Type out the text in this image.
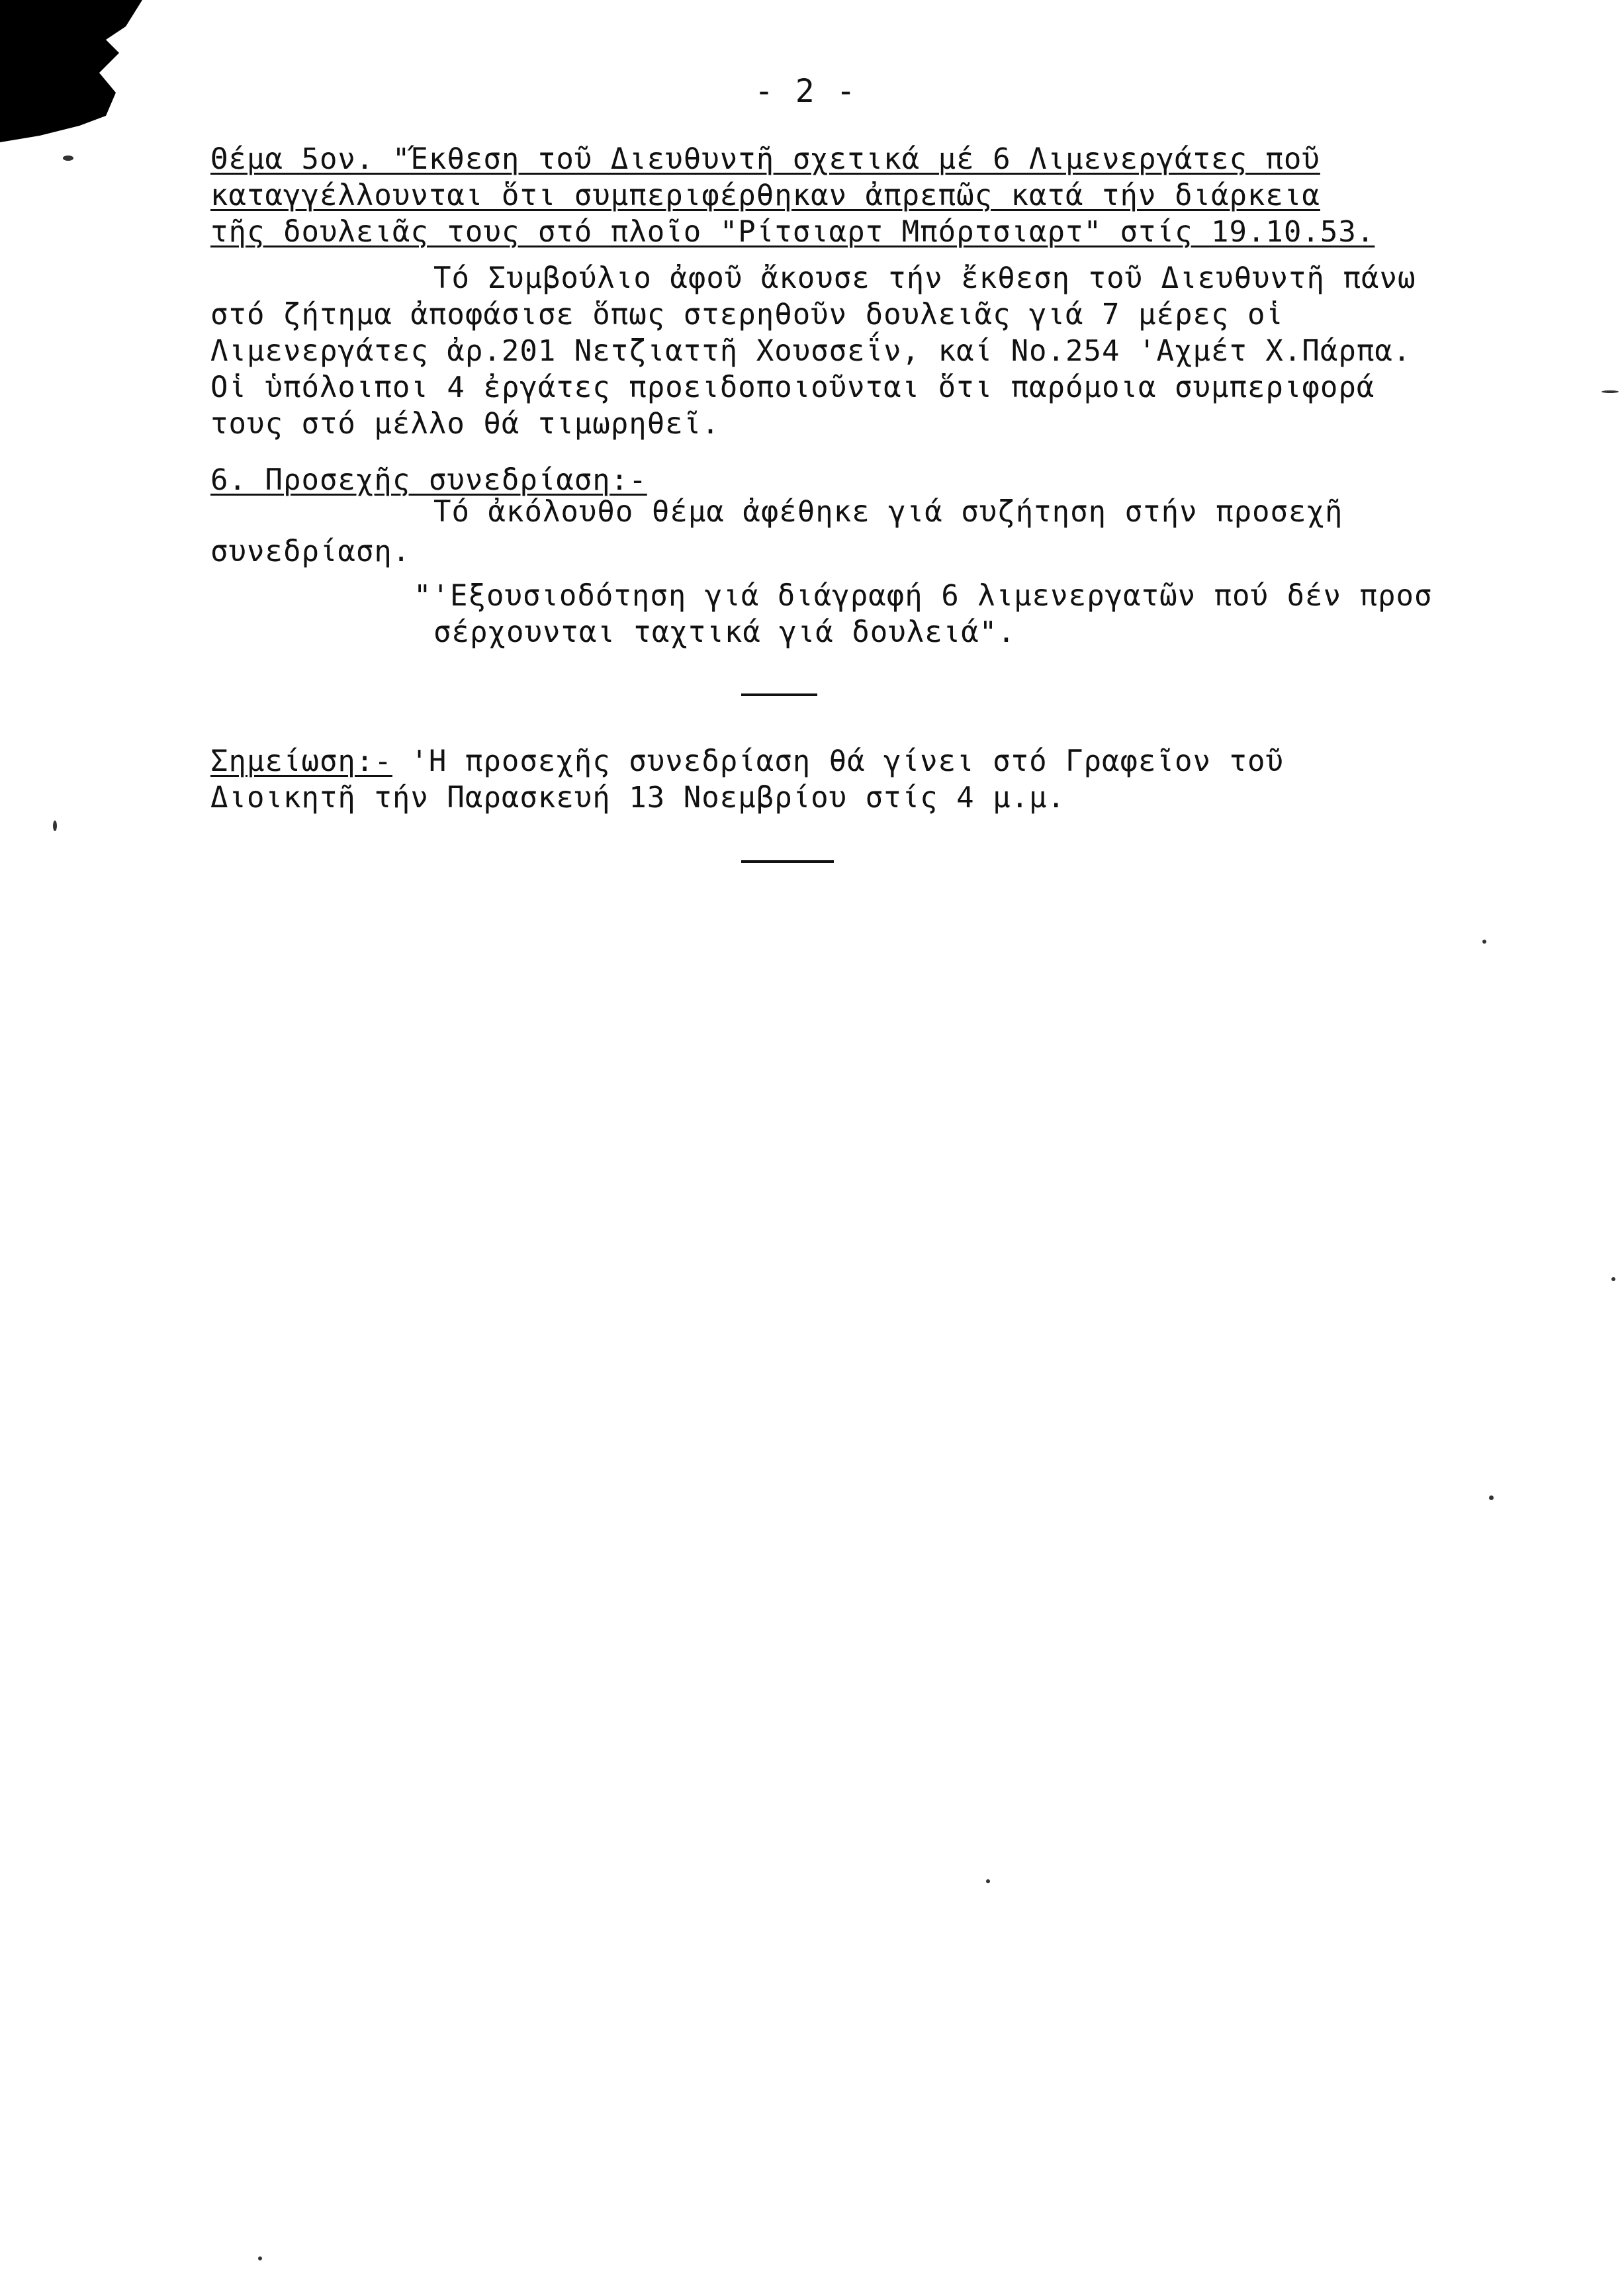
- 2 -
Θέμα 5ον. "Έκθεση τοῦ Διευθυντῆ σχετικά μέ 6 Λιμενεργάτες ποῦ
καταγγέλλουνται ὅτι συμπεριφέρθηκαν ἀπρεπῶς κατά τήν διάρκεια
τῆς δουλειᾶς τους στό πλοῖο "Ρίτσιαρτ Μπόρτσιαρτ" στίς 19.10.53.
Τό Συμβούλιο ἀφοῦ ἄκουσε τήν ἔκθεση τοῦ Διευθυντῆ πάνω
στό ζήτημα ἀποφάσισε ὅπως στερηθοῦν δουλειᾶς γιά 7 μέρες οἱ
Λιμενεργάτες ἀρ.201 Νετζιαττῆ Χουσσεΐν, καί Νο.254 'Αχμέτ Χ.Πάρπα.
Οἱ ὑπόλοιποι 4 ἐργάτες προειδοποιοῦνται ὅτι παρόμοια συμπεριφορά
τους στό μέλλο θά τιμωρηθεῖ.
6. Προσεχῆς συνεδρίαση:-
Τό ἀκόλουθο θέμα ἀφέθηκε γιά συζήτηση στήν προσεχῆ
συνεδρίαση.
"'Εξουσιοδότηση γιά διάγραφή 6 λιμενεργατῶν πού δέν προσ
σέρχουνται ταχτικά γιά δουλειά".
Σημείωση:- 'Η προσεχῆς συνεδρίαση θά γίνει στό Γραφεῖον τοῦ
Διοικητῆ τήν Παρασκευή 13 Νοεμβρίου στίς 4 μ.μ.
